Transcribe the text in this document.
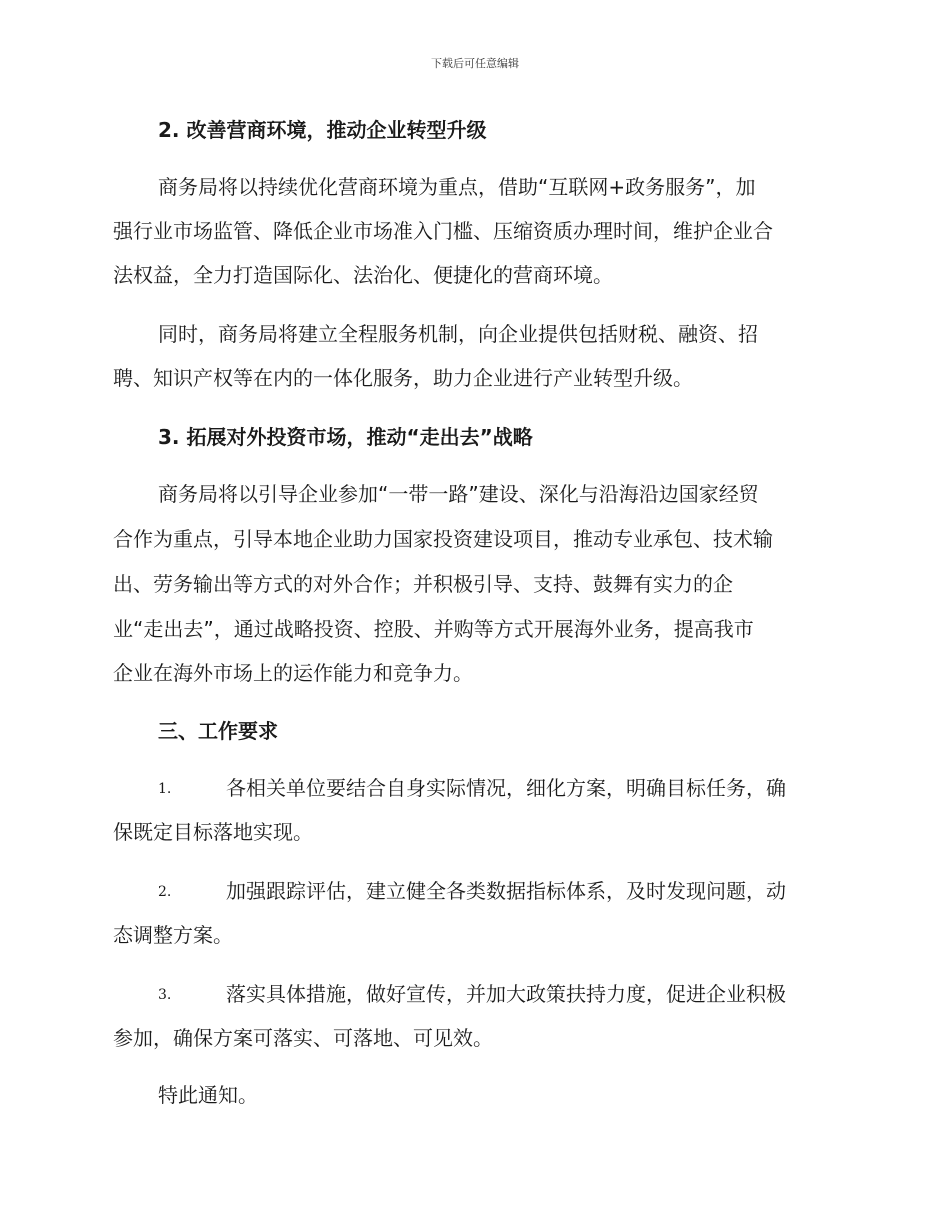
下载后可任意编辑
2. 改善营商环境，推动企业转型升级
商务局将以持续优化营商环境为重点，借助“互联网+政务服务”，加
强行业市场监管、降低企业市场准入门槛、压缩资质办理时间，维护企业合
法权益，全力打造国际化、法治化、便捷化的营商环境。
同时，商务局将建立全程服务机制，向企业提供包括财税、融资、招
聘、知识产权等在内的一体化服务，助力企业进行产业转型升级。
3. 拓展对外投资市场，推动“走出去”战略
商务局将以引导企业参加“一带一路”建设、深化与沿海沿边国家经贸
合作为重点，引导本地企业助力国家投资建设项目，推动专业承包、技术输
出、劳务输出等方式的对外合作；并积极引导、支持、鼓舞有实力的企
业“走出去”，通过战略投资、控股、并购等方式开展海外业务，提高我市
企业在海外市场上的运作能力和竞争力。
三、工作要求
1.	各相关单位要结合自身实际情况，细化方案，明确目标任务，确
保既定目标落地实现。
2.	加强跟踪评估，建立健全各类数据指标体系，及时发现问题，动
态调整方案。
3.	落实具体措施，做好宣传，并加大政策扶持力度，促进企业积极
参加，确保方案可落实、可落地、可见效。
特此通知。
